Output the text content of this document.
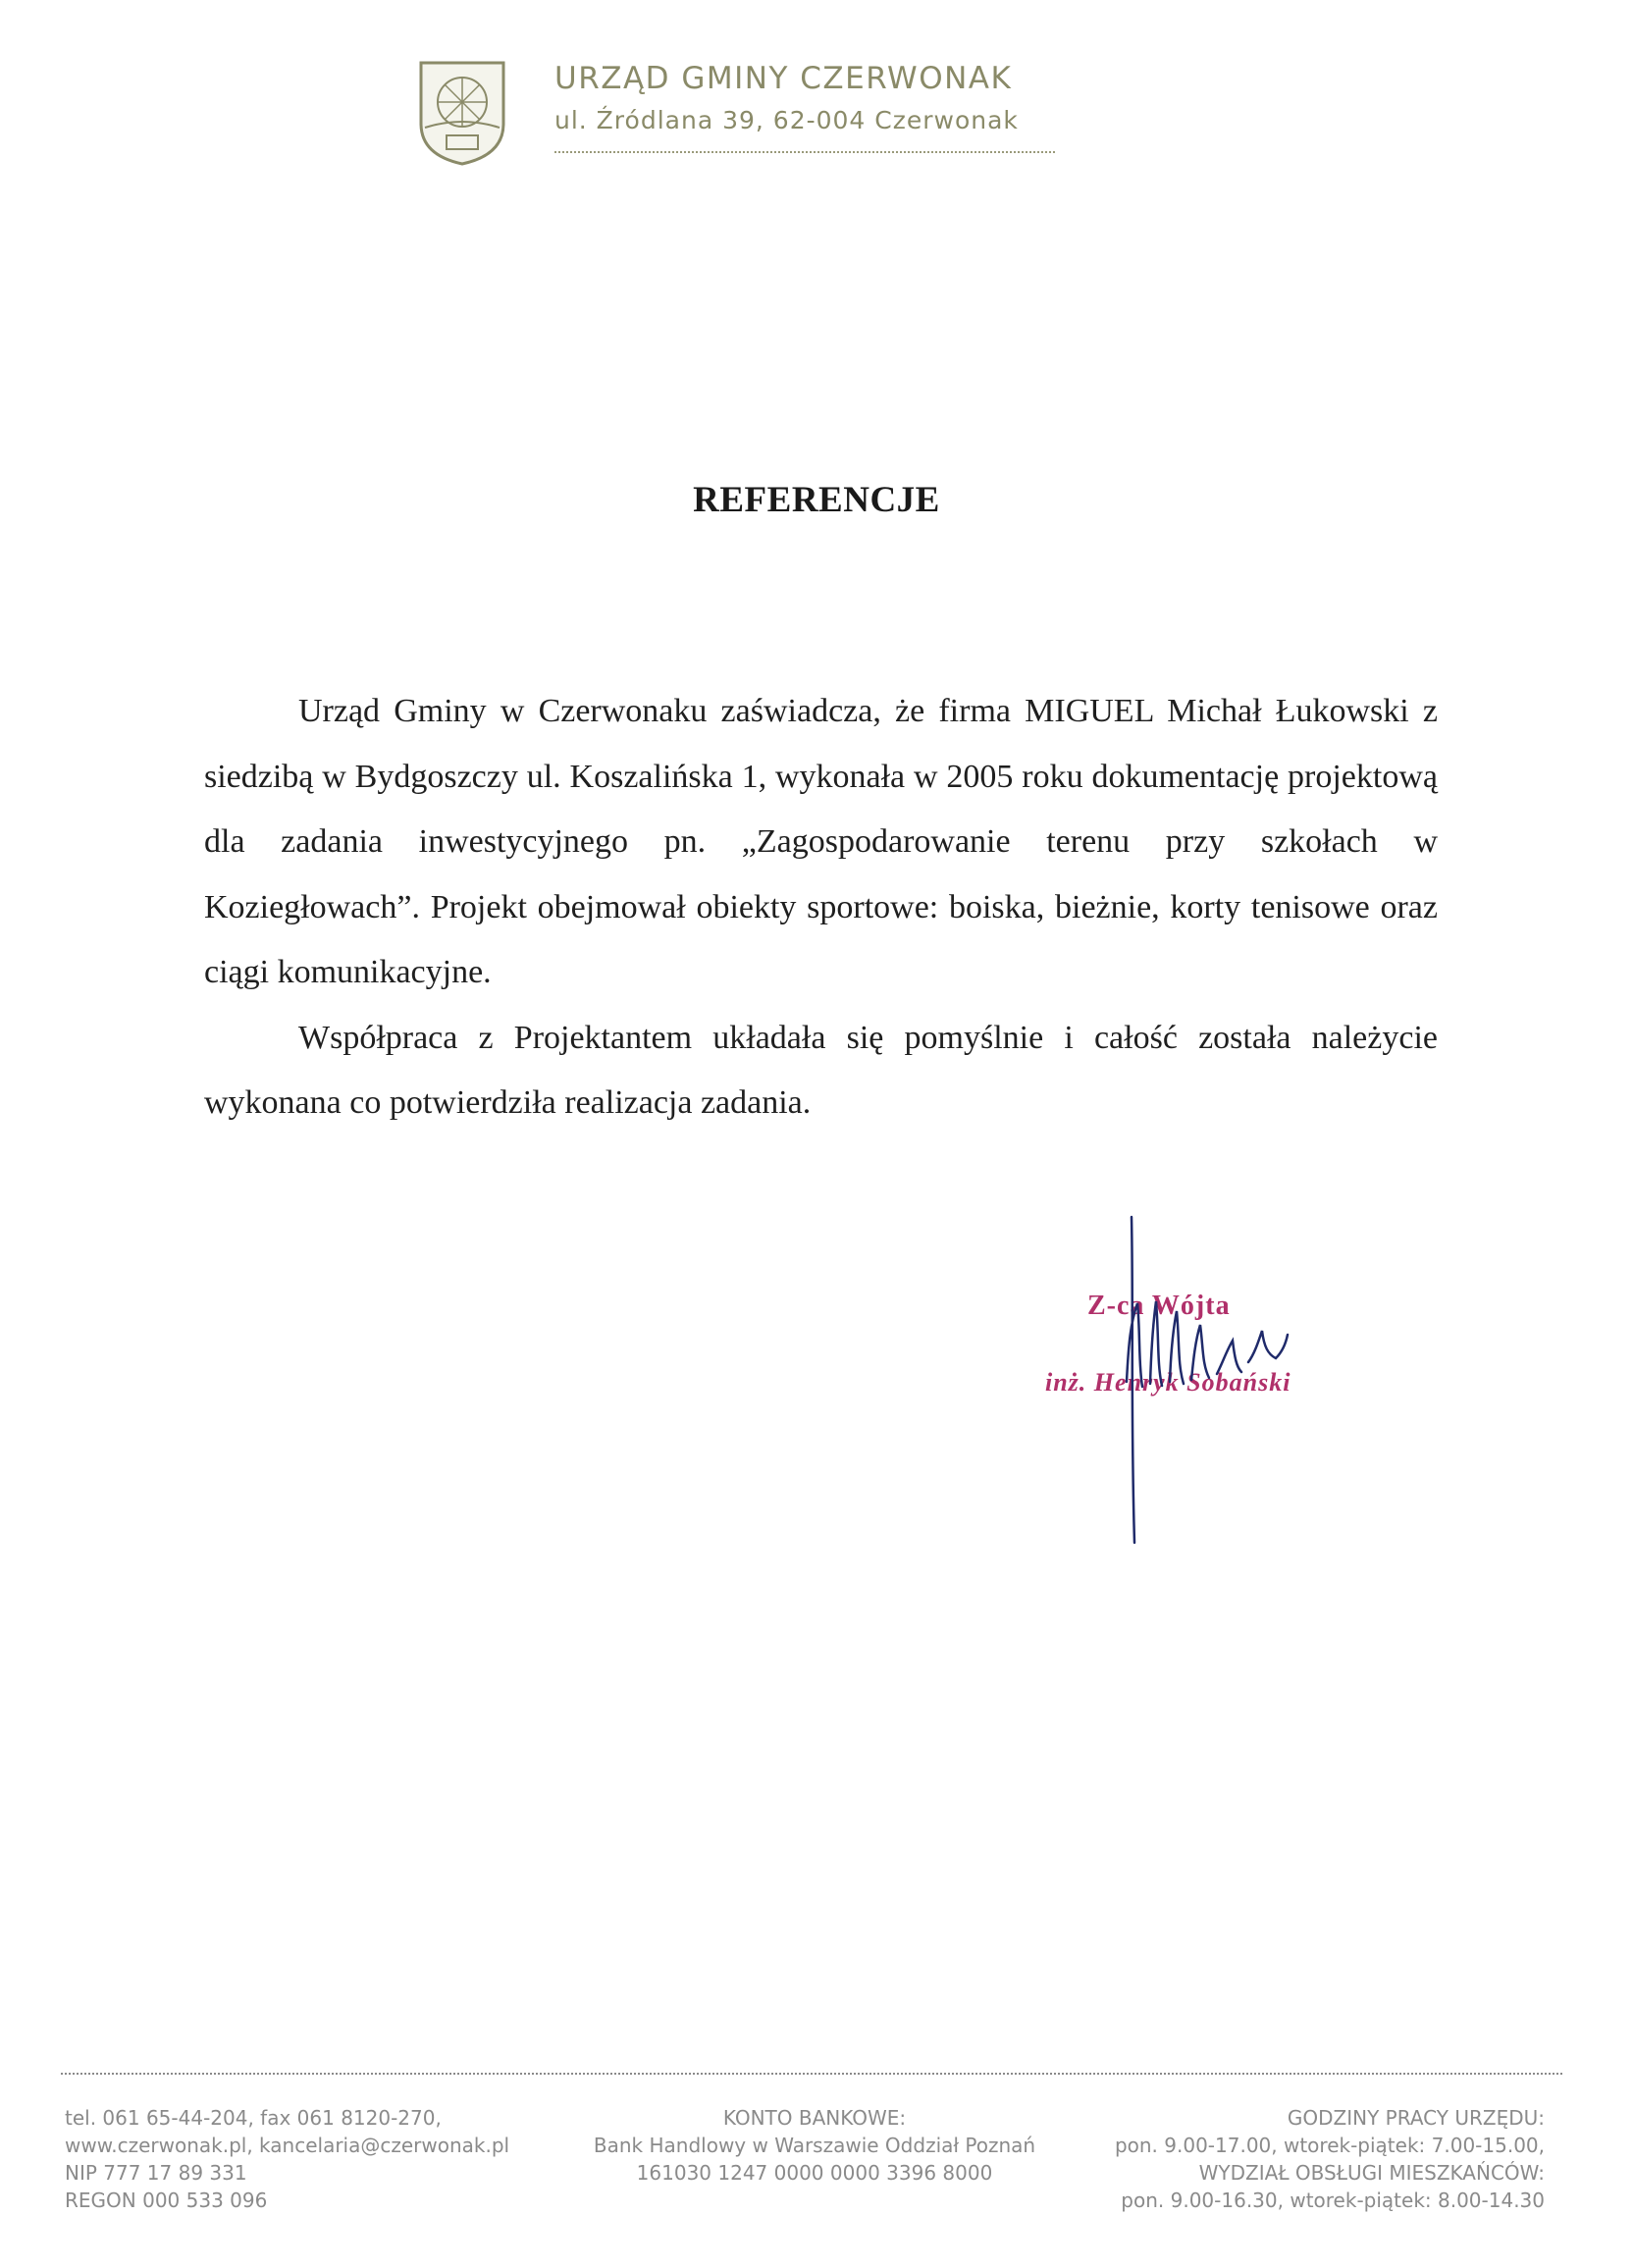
URZĄD GMINY CZERWONAK
ul. Źródlana 39, 62-004 Czerwonak
REFERENCJE

Urząd Gminy w Czerwonaku zaświadcza, że firma MIGUEL Michał Łukowski z siedzibą w Bydgoszczy ul. Koszalińska 1, wykonała w 2005 roku dokumentację projektową dla zadania inwestycyjnego pn. „Zagospodarowanie terenu przy szkołach w Koziegłowach”. Projekt obejmował obiekty sportowe: boiska, bieżnie, korty tenisowe oraz ciągi komunikacyjne.

Współpraca z Projektantem układała się pomyślnie i całość została należycie wykonana co potwierdziła realizacja zadania.

Z-ca Wójta
inż. Henryk Sobański
tel. 061 65-44-204, fax 061 8120-270,
www.czerwonak.pl, kancelaria@czerwonak.pl
NIP 777 17 89 331
REGON 000 533 096
KONTO BANKOWE:
Bank Handlowy w Warszawie Oddział Poznań
161030 1247 0000 0000 3396 8000
GODZINY PRACY URZĘDU:
pon. 9.00-17.00, wtorek-piątek: 7.00-15.00,
WYDZIAŁ OBSŁUGI MIESZKAŃCÓW:
pon. 9.00-16.30, wtorek-piątek: 8.00-14.30
